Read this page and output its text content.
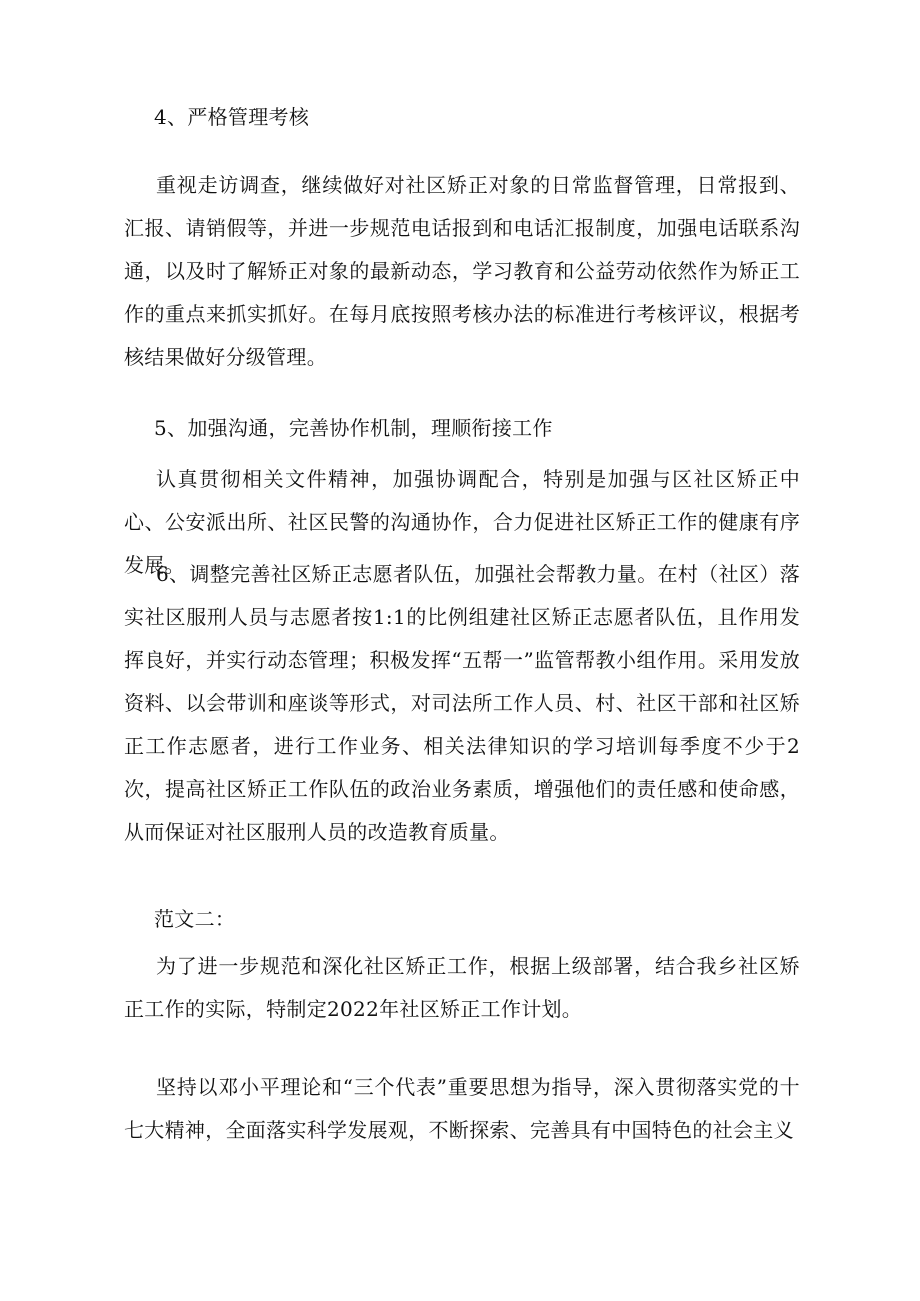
4、严格管理考核

重视走访调查，继续做好对社区矫正对象的日常监督管理，日常报到、汇报、请销假等，并进一步规范电话报到和电话汇报制度，加强电话联系沟通，以及时了解矫正对象的最新动态，学习教育和公益劳动依然作为矫正工作的重点来抓实抓好。在每月底按照考核办法的标准进行考核评议，根据考核结果做好分级管理。

5、加强沟通，完善协作机制，理顺衔接工作

认真贯彻相关文件精神，加强协调配合，特别是加强与区社区矫正中心、公安派出所、社区民警的沟通协作，合力促进社区矫正工作的健康有序发展。

6、调整完善社区矫正志愿者队伍，加强社会帮教力量。在村（社区）落实社区服刑人员与志愿者按1:1的比例组建社区矫正志愿者队伍，且作用发挥良好，并实行动态管理；积极发挥“五帮一”监管帮教小组作用。采用发放资料、以会带训和座谈等形式，对司法所工作人员、村、社区干部和社区矫正工作志愿者，进行工作业务、相关法律知识的学习培训每季度不少于2次，提高社区矫正工作队伍的政治业务素质，增强他们的责任感和使命感，从而保证对社区服刑人员的改造教育质量。

范文二：

为了进一步规范和深化社区矫正工作，根据上级部署，结合我乡社区矫正工作的实际，特制定2022年社区矫正工作计划。

坚持以邓小平理论和“三个代表”重要思想为指导，深入贯彻落实党的十七大精神，全面落实科学发展观，不断探索、完善具有中国特色的社会主义
